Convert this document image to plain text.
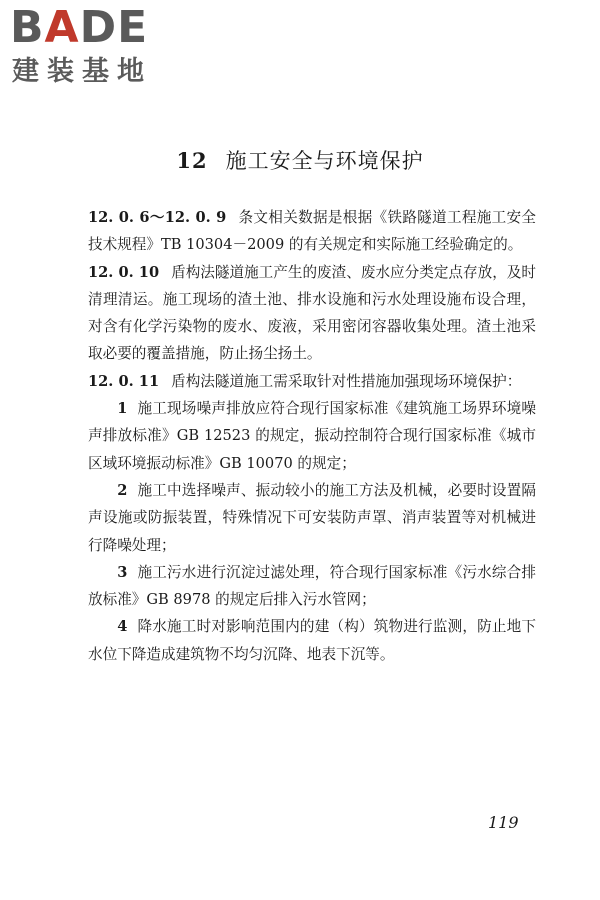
BADE
建装基地
12 施工安全与环境保护

12. 0. 6～12. 0. 9 条文相关数据是根据《铁路隧道工程施工安全技术规程》TB 10304－2009 的有关规定和实际施工经验确定的。

12. 0. 10 盾构法隧道施工产生的废渣、废水应分类定点存放，及时清理清运。施工现场的渣土池、排水设施和污水处理设施布设合理，对含有化学污染物的废水、废液，采用密闭容器收集处理。渣土池采取必要的覆盖措施，防止扬尘扬土。

12. 0. 11 盾构法隧道施工需采取针对性措施加强现场环境保护：

1 施工现场噪声排放应符合现行国家标准《建筑施工场界环境噪声排放标准》GB 12523 的规定，振动控制符合现行国家标准《城市区域环境振动标准》GB 10070 的规定；

2 施工中选择噪声、振动较小的施工方法及机械，必要时设置隔声设施或防振装置，特殊情况下可安装防声罩、消声装置等对机械进行降噪处理；

3 施工污水进行沉淀过滤处理，符合现行国家标准《污水综合排放标准》GB 8978 的规定后排入污水管网；

4 降水施工时对影响范围内的建（构）筑物进行监测，防止地下水位下降造成建筑物不均匀沉降、地表下沉等。

119
